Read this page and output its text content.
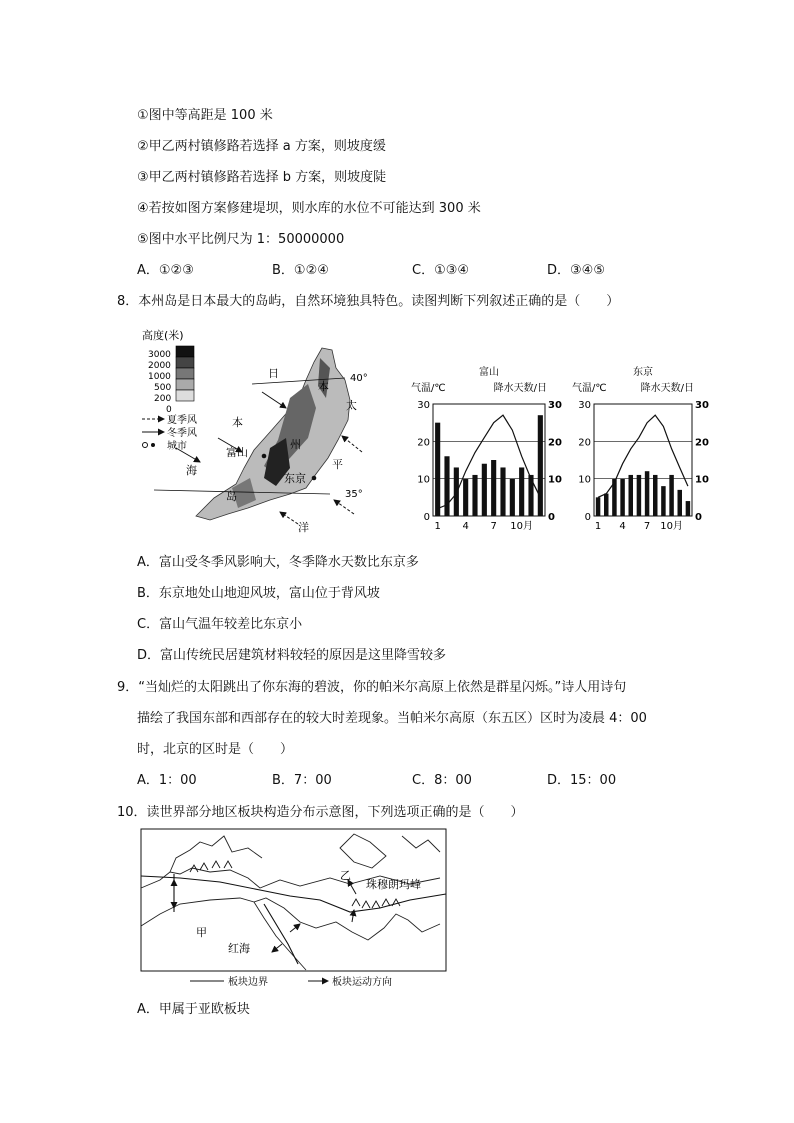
①图中等高距是 100 米
②甲乙两村镇修路若选择 a 方案，则坡度缓
③甲乙两村镇修路若选择 b 方案，则坡度陡
④若按如图方案修建堤坝，则水库的水位不可能达到 300 米
⑤图中水平比例尺为 1：50000000
A．①②③	B．①②④	C．①③④	D．③④⑤
8．本州岛是日本最大的岛屿，自然环境独具特色。读图判断下列叙述正确的是（　　）
高度(米)
3000
2000
1000
500
200
0
夏季风
冬季风
城市
40°
35°
日
本
海
岛
本
州
太
平
洋
富山
东京
富山
气温/℃	降水天数/日
0	0
10	10
20	20
30	30
1 4 7 10月
东京
气温/℃	降水天数/日
0	0
10	10
20	20
30	30
1 4 7 10月
A．富山受冬季风影响大，冬季降水天数比东京多
B．东京地处山地迎风坡，富山位于背风坡
C．富山气温年较差比东京小
D．富山传统民居建筑材料较轻的原因是这里降雪较多
9．“当灿烂的太阳跳出了你东海的碧波，你的帕米尔高原上依然是群星闪烁。”诗人用诗句
描绘了我国东部和西部存在的较大时差现象。当帕米尔高原（东五区）区时为凌晨 4：00
时，北京的区时是（　　）
A．1：00	B．7：00	C．8：00	D．15：00
10．读世界部分地区板块构造分布示意图，下列选项正确的是（　　）
甲
乙
红海
珠穆朗玛峰
板块边界	板块运动方向
A．甲属于亚欧板块
